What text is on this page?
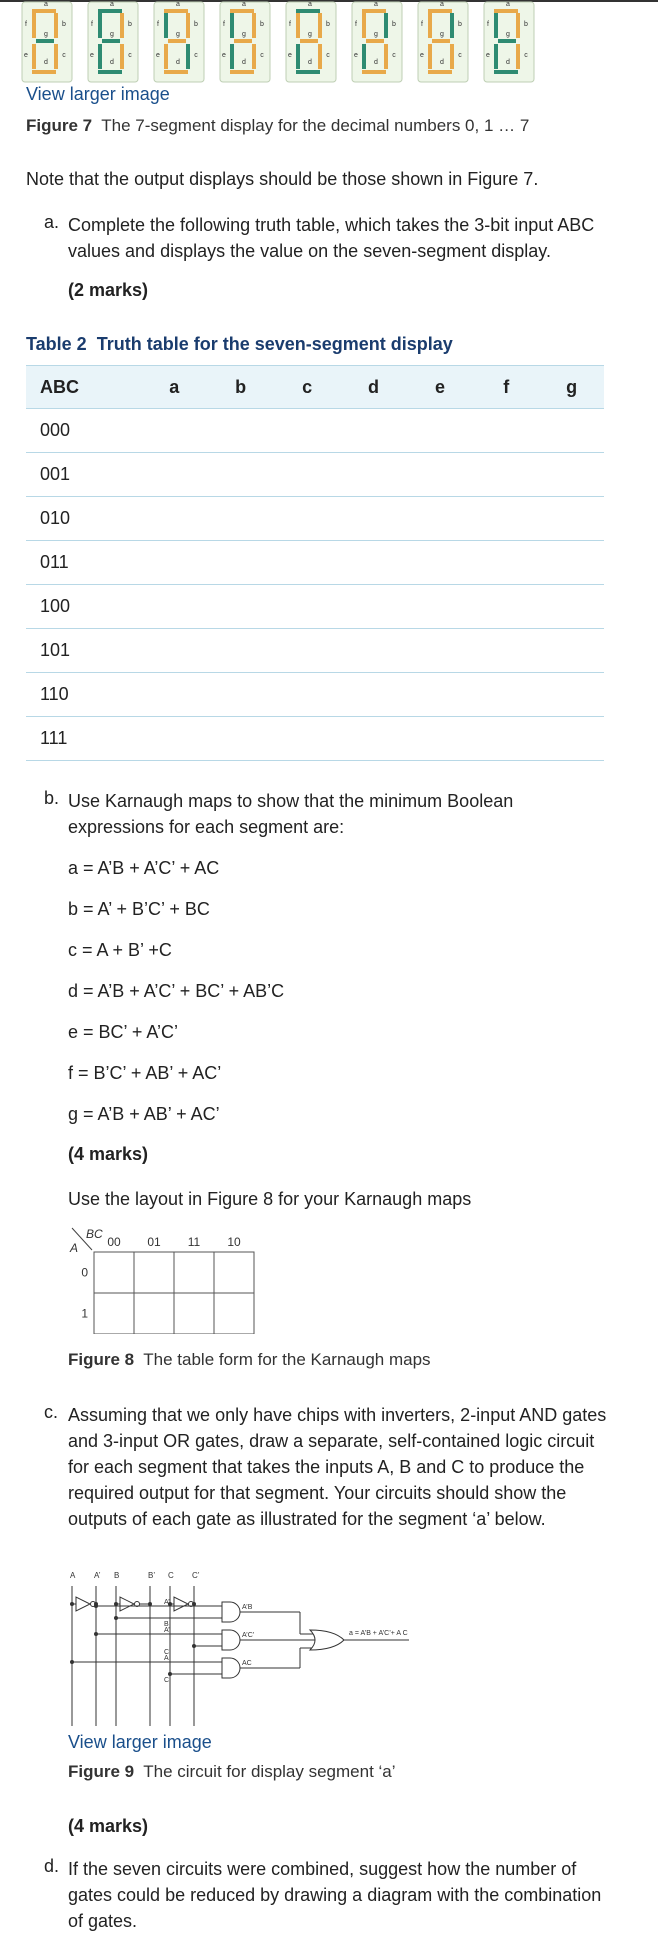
a
b
c
d
e
f
g
a
b
c
d
e
f
g
a
b
c
d
e
f
g
a
b
c
d
e
f
g
a
b
c
d
e
f
g
a
b
c
d
e
f
g
a
b
c
d
e
f
g
a
b
c
d
e
f
g
View larger image
Figure 7 The 7-segment display for the decimal numbers 0, 1 … 7
Note that the output displays should be those shown in Figure 7.
a. Complete the following truth table, which takes the 3-bit input ABC values and displays the value on the seven-segment display.
(2 marks)
Table 2 Truth table for the seven-segment display
ABC	a	b	c	d	e	f	g
000							
001							
010							
011							
100							
101							
110							
111							
b. Use Karnaugh maps to show that the minimum Boolean expressions for each segment are:
a = A’B + A’C’ + AC
b = A’ + B’C’ + BC
c = A + B’ +C
d = A’B + A’C’ + BC’ + AB’C
e = BC’ + A’C’
f = B’C’ + AB’ + AC’
g = A’B + AB’ + AC’
(4 marks)
Use the layout in Figure 8 for your Karnaugh maps
BC
A 00 01 11 10
0
1
Figure 8 The table form for the Karnaugh maps
c. Assuming that we only have chips with inverters, 2-input AND gates and 3-input OR gates, draw a separate, self-contained logic circuit for each segment that takes the inputs A, B and C to produce the required output for that segment. Your circuits should show the outputs of each gate as illustrated for the segment ‘a’ below.
A A’ B	B’ C C’
A’
B
A’B
A’
C’
A’C’
A
C
AC
a = A’B + A’C’+ A C
View larger image
Figure 9 The circuit for display segment ‘a’
(4 marks)
d. If the seven circuits were combined, suggest how the number of gates could be reduced by drawing a diagram with the combination of gates.
